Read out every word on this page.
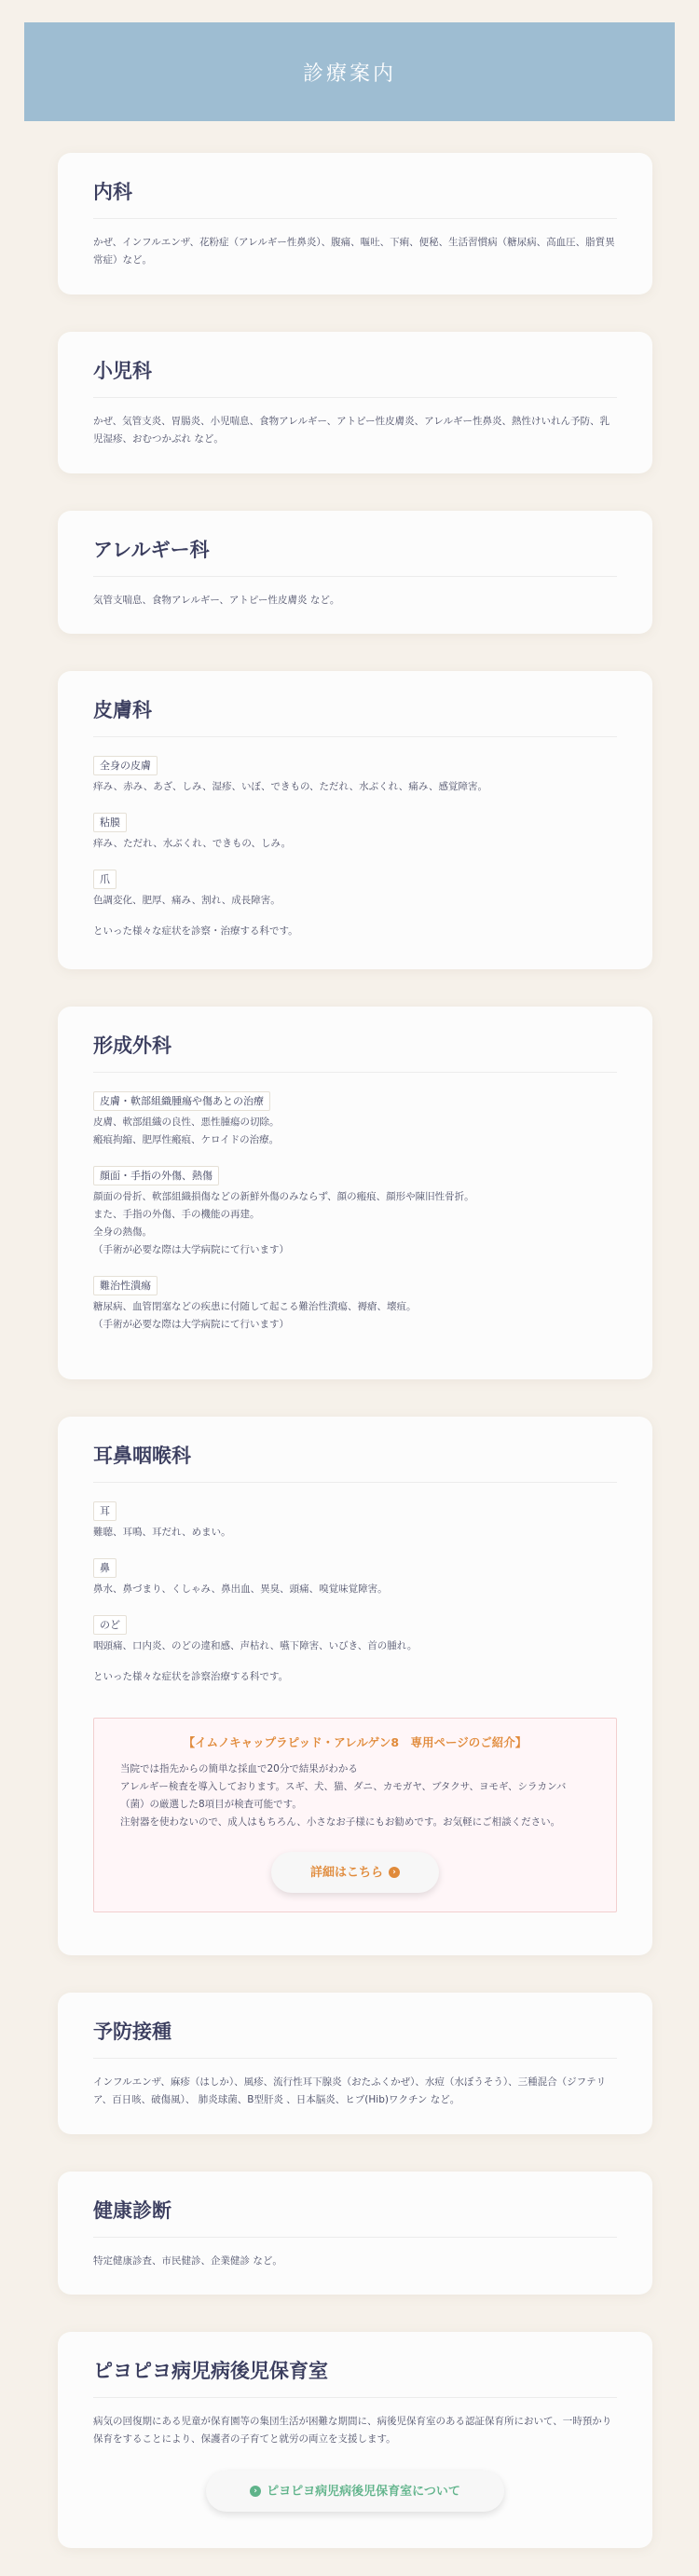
診療案内
内科

かぜ、インフルエンザ、花粉症（アレルギー性鼻炎）、腹痛、嘔吐、下痢、便秘、生活習慣病（糖尿病、高血圧、脂質異常症）など。

小児科

かぜ、気管支炎、胃腸炎、小児喘息、食物アレルギー、アトピー性皮膚炎、アレルギー性鼻炎、熱性けいれん予防、乳児湿疹、おむつかぶれ など。

アレルギー科

気管支喘息、食物アレルギー、アトピー性皮膚炎 など。

皮膚科
全身の皮膚

痒み、赤み、あざ、しみ、湿疹、いぼ、できもの、ただれ、水ぶくれ、痛み、感覚障害。

粘膜

痒み、ただれ、水ぶくれ、できもの、しみ。

爪

色調変化、肥厚、痛み、割れ、成長障害。

といった様々な症状を診察・治療する科です。

形成外科
皮膚・軟部組織腫瘍や傷あとの治療

皮膚、軟部組織の良性、悪性腫瘍の切除。

瘢痕拘縮、肥厚性瘢痕、ケロイドの治療。

顔面・手指の外傷、熱傷

顔面の骨折、軟部組織損傷などの新鮮外傷のみならず、顔の瘢痕、顔形や陳旧性骨折。

また、手指の外傷、手の機能の再建。

全身の熱傷。

（手術が必要な際は大学病院にて行います）

難治性潰瘍

糖尿病、血管閉塞などの疾患に付随して起こる難治性潰瘍、褥瘡、壊疽。

（手術が必要な際は大学病院にて行います）

耳鼻咽喉科
耳

難聴、耳鳴、耳だれ、めまい。

鼻

鼻水、鼻づまり、くしゃみ、鼻出血、異臭、頭痛、嗅覚味覚障害。

のど

咽頭痛、口内炎、のどの違和感、声枯れ、嚥下障害、いびき、首の腫れ。

といった様々な症状を診察治療する科です。

【イムノキャップラピッド・アレルゲン8　専用ページのご紹介】

当院では指先からの簡単な採血で20分で結果がわかる

アレルギー検査を導入しております。スギ、犬、猫、ダニ、カモガヤ、ブタクサ、ヨモギ、シラカンバ（菌）の厳選した8項目が検査可能です。

注射器を使わないので、成人はもちろん、小さなお子様にもお勧めです。お気軽にご相談ください。

詳細はこちら	›
予防接種

インフルエンザ、麻疹（はしか）、風疹、流行性耳下腺炎（おたふくかぜ）、水痘（水ぼうそう）、三種混合（ジフテリア、百日咳、破傷風）、 肺炎球菌、B型肝炎 、日本脳炎、ヒブ(Hib)ワクチン など。

健康診断

特定健康診査、市民健診、企業健診 など。

ピヨピヨ病児病後児保育室

病気の回復期にある児童が保育園等の集団生活が困難な期間に、病後児保育室のある認証保育所において、一時預かり保育をすることにより、保護者の子育てと就労の両立を支援します。

› ピヨピヨ病児病後児保育室について
